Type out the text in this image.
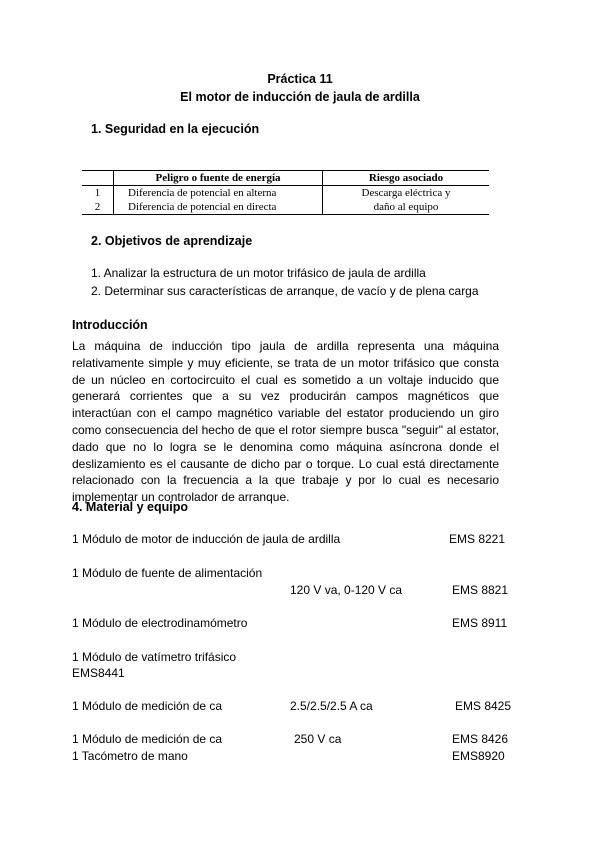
Práctica 11
El motor de inducción de jaula de ardilla
1. Seguridad en la ejecución
	Peligro o fuente de energía	Riesgo asociado
1	Diferencia de potencial en alterna	Descarga eléctrica y
2	Diferencia de potencial en directa	daño al equipo
2. Objetivos de aprendizaje
1. Analizar la estructura de un motor trifásico de jaula de ardilla
2. Determinar sus características de arranque, de vacío y de plena carga
Introducción
La máquina de inducción tipo jaula de ardilla representa una máquina relativamente simple y muy eficiente, se trata de un motor trifásico que consta de un núcleo en cortocircuito el cual es sometido a un voltaje inducido que generará corrientes que a su vez producirán campos magnéticos que interactúan con el campo magnético variable del estator produciendo un giro como consecuencia del hecho de que el rotor siempre busca "seguir" al estator, dado que no lo logra se le denomina como máquina asíncrona donde el deslizamiento es el causante de dicho par o torque. Lo cual está directamente relacionado con la frecuencia a la que trabaje y por lo cual es necesario implementar un controlador de arranque.
4. Material y equipo
1 Módulo de motor de inducción de jaula de ardilla	EMS 8221
1 Módulo de fuente de alimentación
120 V va, 0-120 V ca	EMS 8821
1 Módulo de electrodinamómetro	EMS 8911
1 Módulo de vatímetro trifásico
EMS8441
1 Módulo de medición de ca	2.5/2.5/2.5 A ca	EMS 8425
1 Módulo de medición de ca	250 V ca	EMS 8426
1 Tacómetro de mano	EMS8920
